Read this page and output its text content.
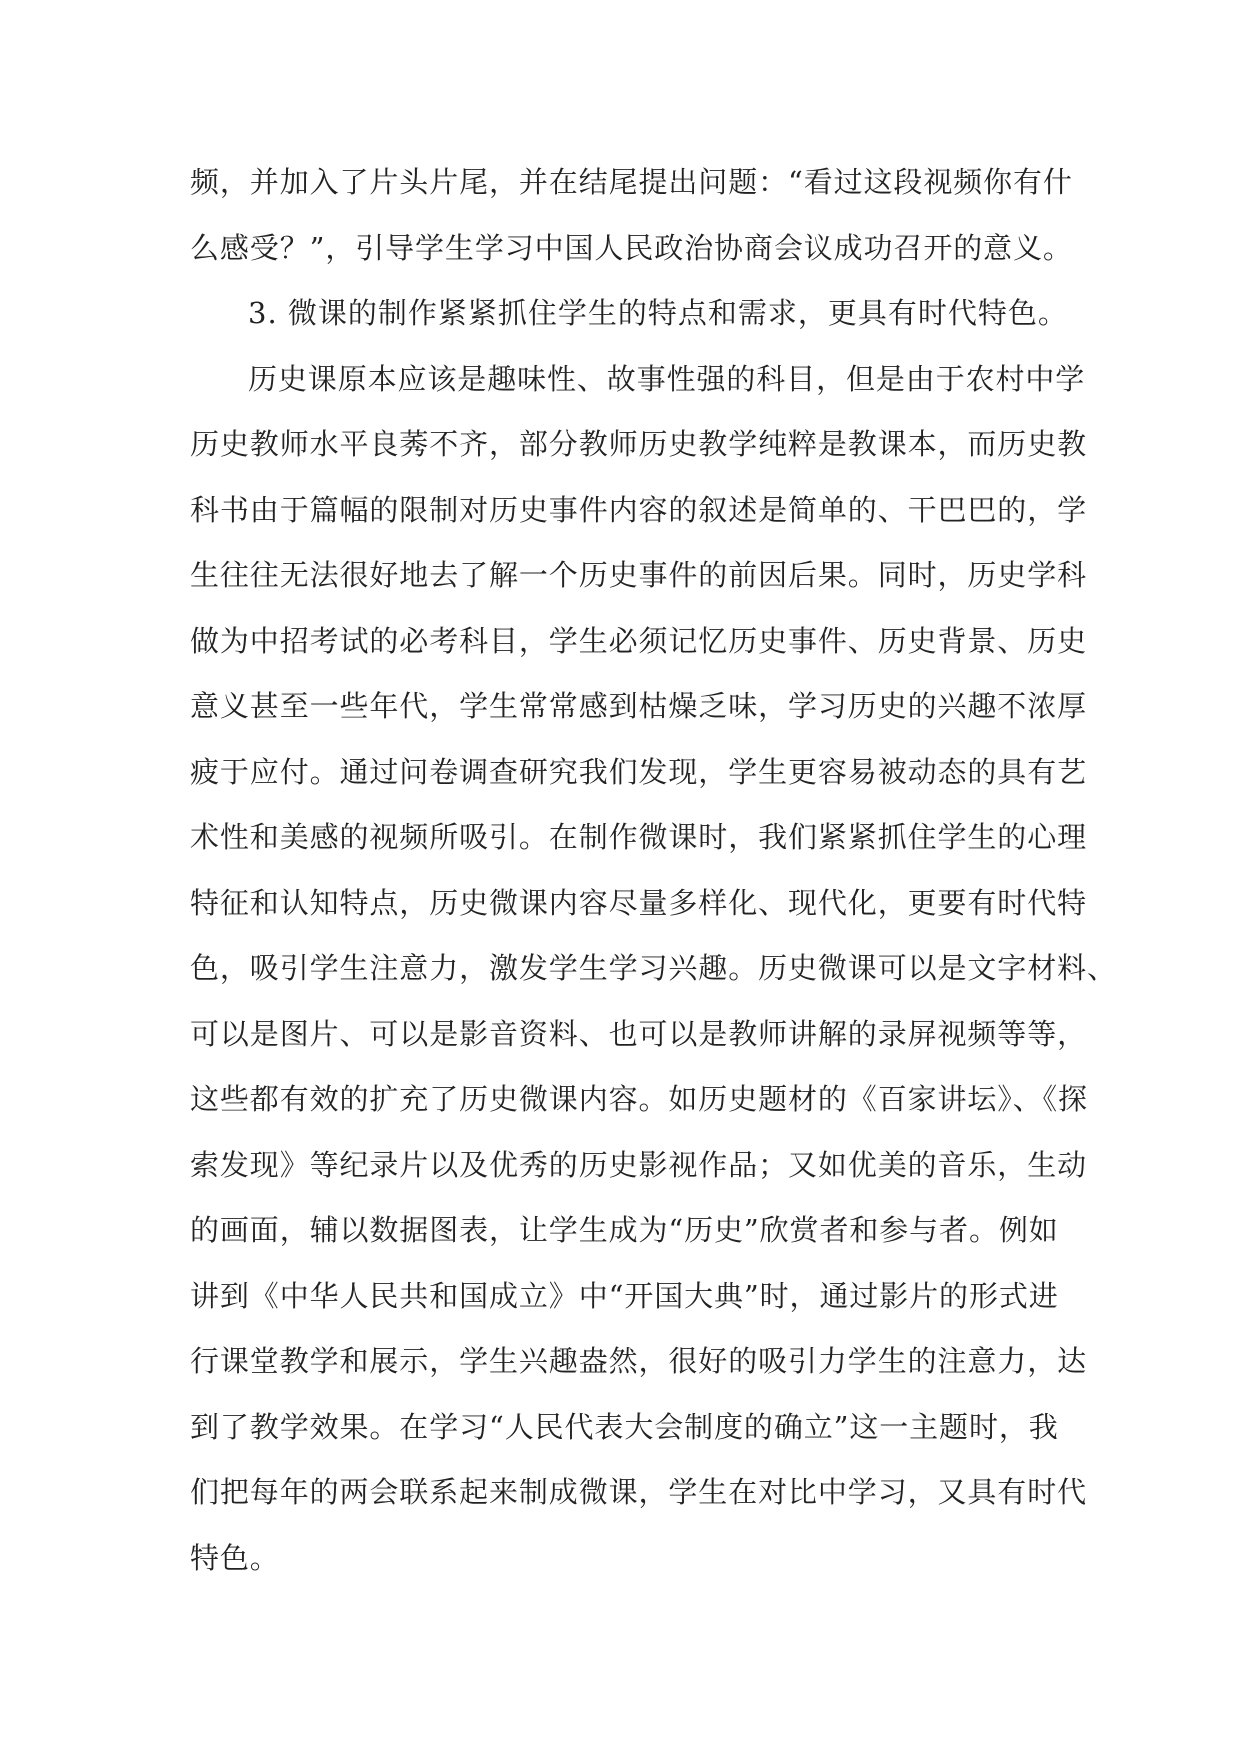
频，并加入了片头片尾，并在结尾提出问题：“看过这段视频你有什
么感受？”，引导学生学习中国人民政治协商会议成功召开的意义。
3. 微课的制作紧紧抓住学生的特点和需求，更具有时代特色。
历史课原本应该是趣味性、故事性强的科目，但是由于农村中学
历史教师水平良莠不齐，部分教师历史教学纯粹是教课本，而历史教
科书由于篇幅的限制对历史事件内容的叙述是简单的、干巴巴的，学
生往往无法很好地去了解一个历史事件的前因后果。同时，历史学科
做为中招考试的必考科目，学生必须记忆历史事件、历史背景、历史
意义甚至一些年代，学生常常感到枯燥乏味，学习历史的兴趣不浓厚
疲于应付。通过问卷调查研究我们发现，学生更容易被动态的具有艺
术性和美感的视频所吸引。在制作微课时，我们紧紧抓住学生的心理
特征和认知特点，历史微课内容尽量多样化、现代化，更要有时代特
色，吸引学生注意力，激发学生学习兴趣。历史微课可以是文字材料、
可以是图片、可以是影音资料、也可以是教师讲解的录屏视频等等，
这些都有效的扩充了历史微课内容。如历史题材的《百家讲坛》、《探
索发现》等纪录片以及优秀的历史影视作品；又如优美的音乐，生动
的画面，辅以数据图表，让学生成为“历史”欣赏者和参与者。例如
讲到《中华人民共和国成立》中“开国大典”时，通过影片的形式进
行课堂教学和展示，学生兴趣盎然，很好的吸引力学生的注意力，达
到了教学效果。在学习“人民代表大会制度的确立”这一主题时，我
们把每年的两会联系起来制成微课，学生在对比中学习，又具有时代
特色。
